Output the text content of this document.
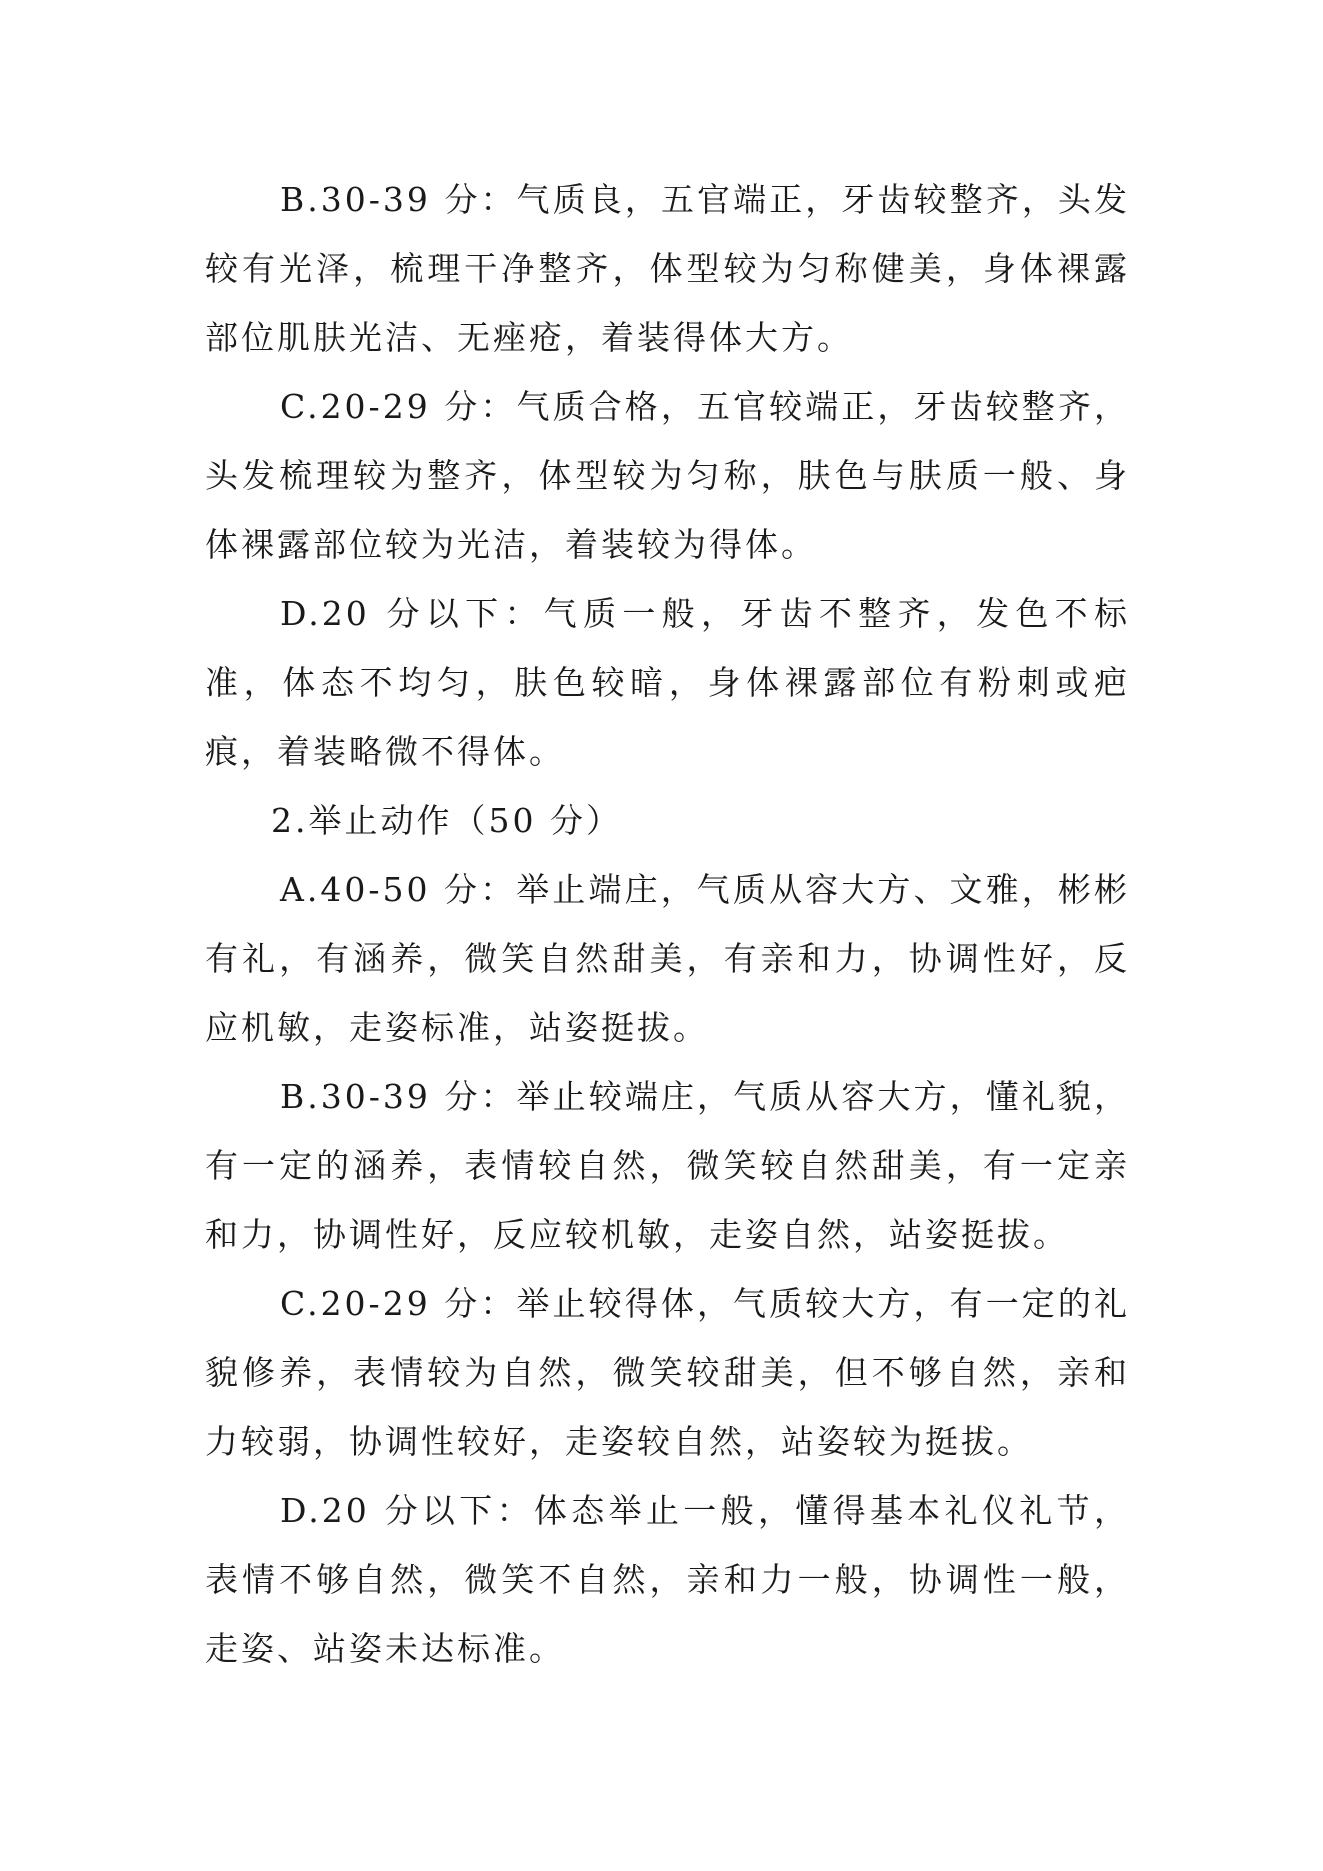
B.30-39 分：气质良，五官端正，牙齿较整齐，头发较有光泽，梳理干净整齐，体型较为匀称健美，身体裸露部位肌肤光洁、无痤疮，着装得体大方。

C.20-29 分：气质合格，五官较端正，牙齿较整齐，头发梳理较为整齐，体型较为匀称，肤色与肤质一般、身体裸露部位较为光洁，着装较为得体。

D.20 分以下：气质一般，牙齿不整齐，发色不标准，体态不均匀，肤色较暗，身体裸露部位有粉刺或疤痕，着装略微不得体。

2.举止动作（50 分）

A.40-50 分：举止端庄，气质从容大方、文雅，彬彬有礼，有涵养，微笑自然甜美，有亲和力，协调性好，反应机敏，走姿标准，站姿挺拔。

B.30-39 分：举止较端庄，气质从容大方，懂礼貌，有一定的涵养，表情较自然，微笑较自然甜美，有一定亲和力，协调性好，反应较机敏，走姿自然，站姿挺拔。

C.20-29 分：举止较得体，气质较大方，有一定的礼貌修养，表情较为自然，微笑较甜美，但不够自然，亲和力较弱，协调性较好，走姿较自然，站姿较为挺拔。

D.20 分以下：体态举止一般，懂得基本礼仪礼节，表情不够自然，微笑不自然，亲和力一般，协调性一般，走姿、站姿未达标准。
